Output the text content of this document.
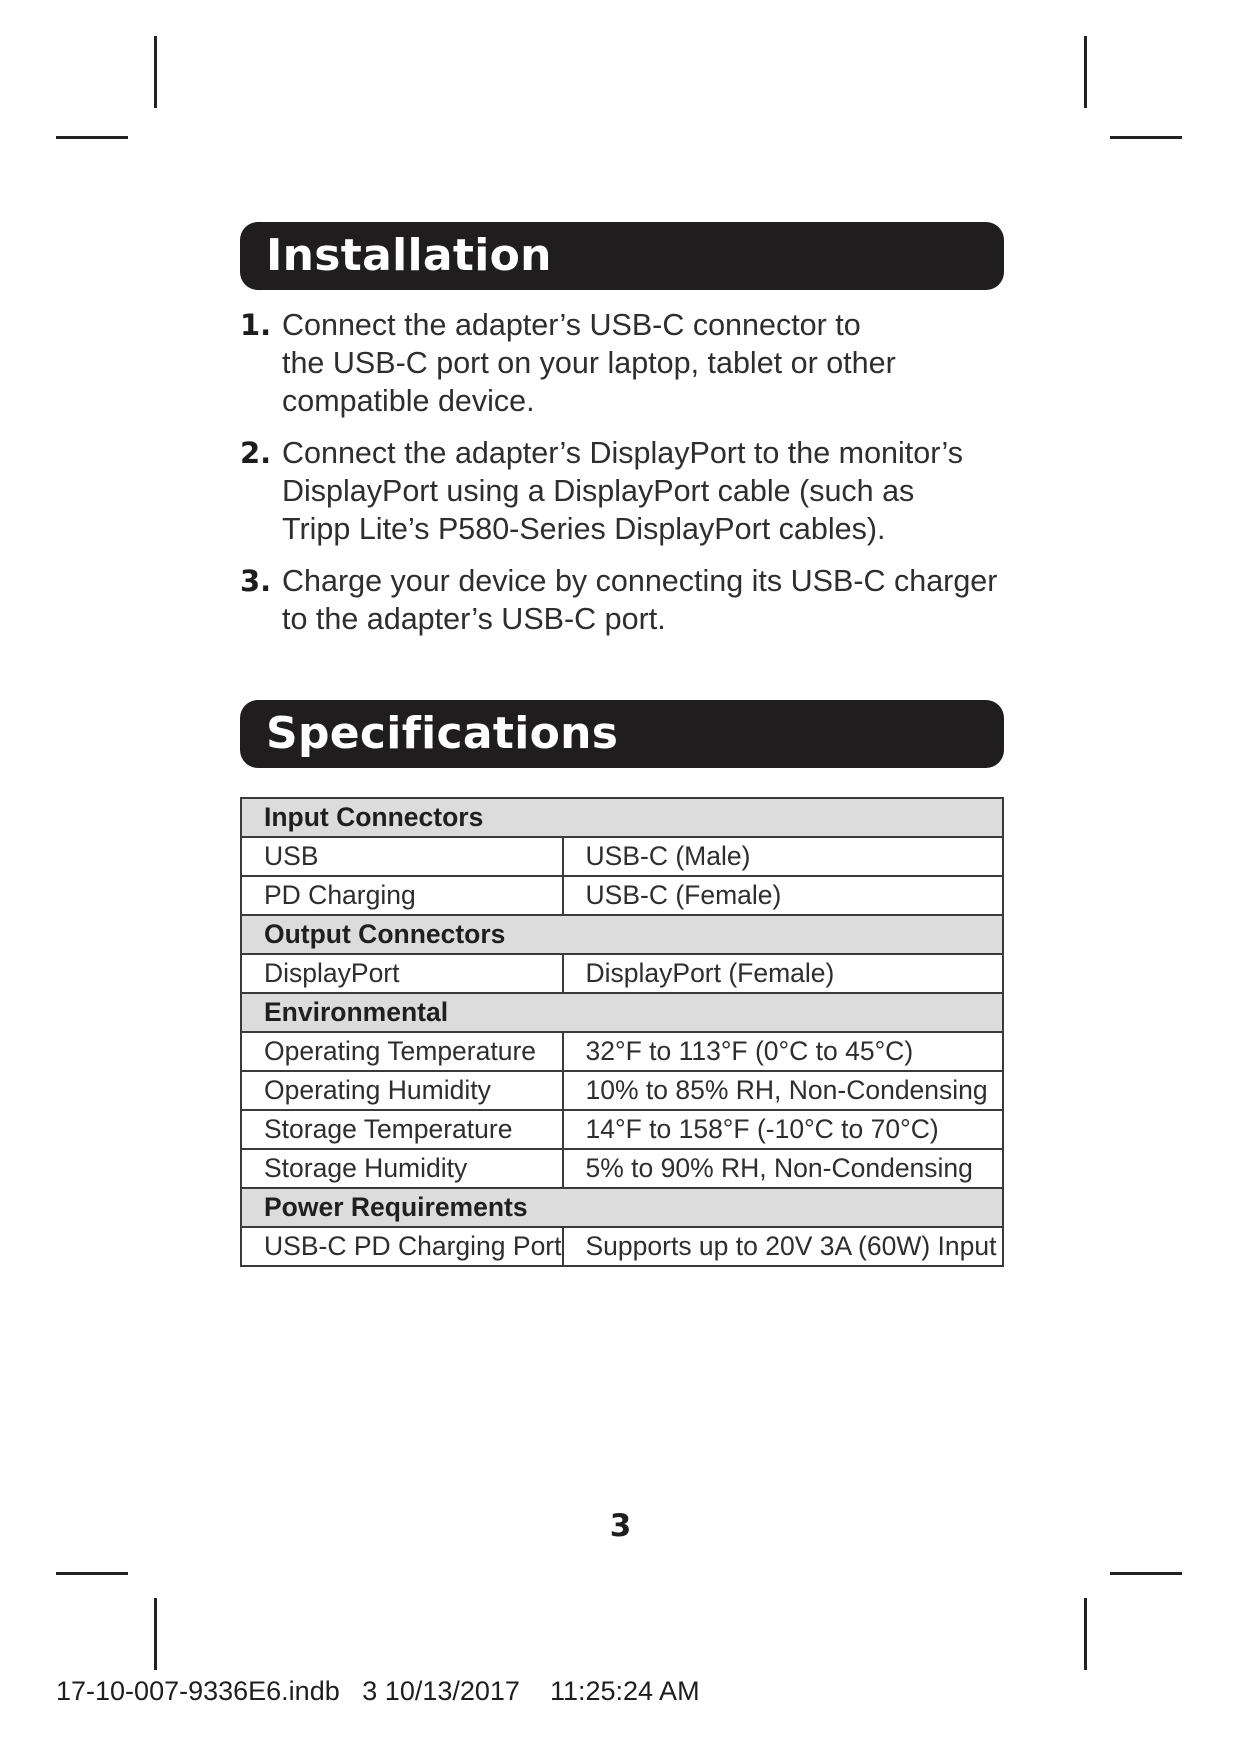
Installation
1. Connect the adapter’s USB-C connector to
the USB-C port on your laptop, tablet or other
compatible device.
2. Connect the adapter’s DisplayPort to the monitor’s
DisplayPort using a DisplayPort cable (such as
Tripp Lite’s P580-Series DisplayPort cables).
3. Charge your device by connecting its USB-C charger
to the adapter’s USB-C port.
Specifications
Input Connectors	
USB	USB-C (Male)
PD Charging	USB-C (Female)
Output Connectors	
DisplayPort	DisplayPort (Female)
Environmental	
Operating Temperature	32°F to 113°F (0°C to 45°C)
Operating Humidity	10% to 85% RH, Non-Condensing
Storage Temperature	14°F to 158°F (-10°C to 70°C)
Storage Humidity	5% to 90% RH, Non-Condensing
Power Requirements	
USB-C PD Charging Port	Supports up to 20V 3A (60W) Input
3
17-10-007-9336E6.indb 3 10/13/2017 11:25:24 AM
